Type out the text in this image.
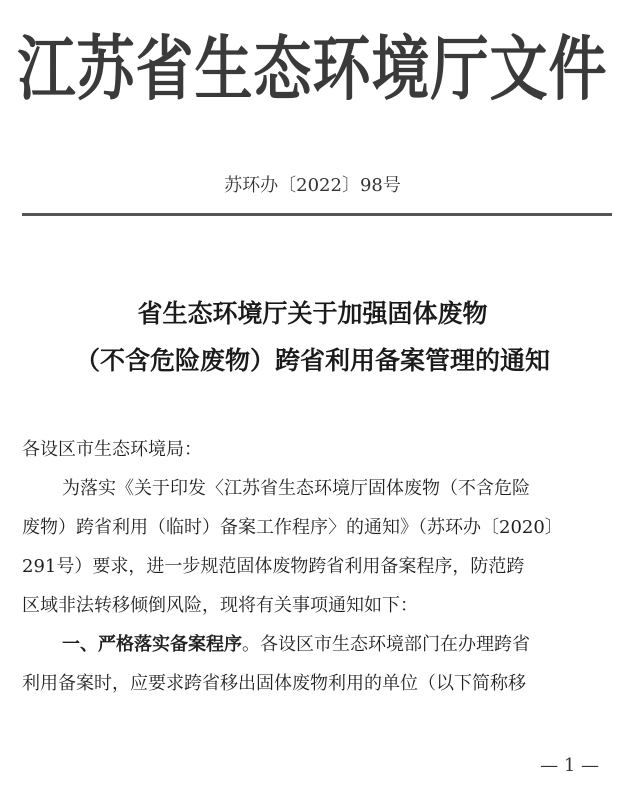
江苏省生态环境厅文件
苏环办〔2022〕98号
省生态环境厅关于加强固体废物
（不含危险废物）跨省利用备案管理的通知

各设区市生态环境局：

为落实《关于印发〈江苏省生态环境厅固体废物（不含危险

废物）跨省利用（临时）备案工作程序〉的通知》（苏环办〔2020〕

291号）要求，进一步规范固体废物跨省利用备案程序，防范跨

区域非法转移倾倒风险，现将有关事项通知如下：

一、严格落实备案程序。各设区市生态环境部门在办理跨省

利用备案时，应要求跨省移出固体废物利用的单位（以下简称移

— 1 —
